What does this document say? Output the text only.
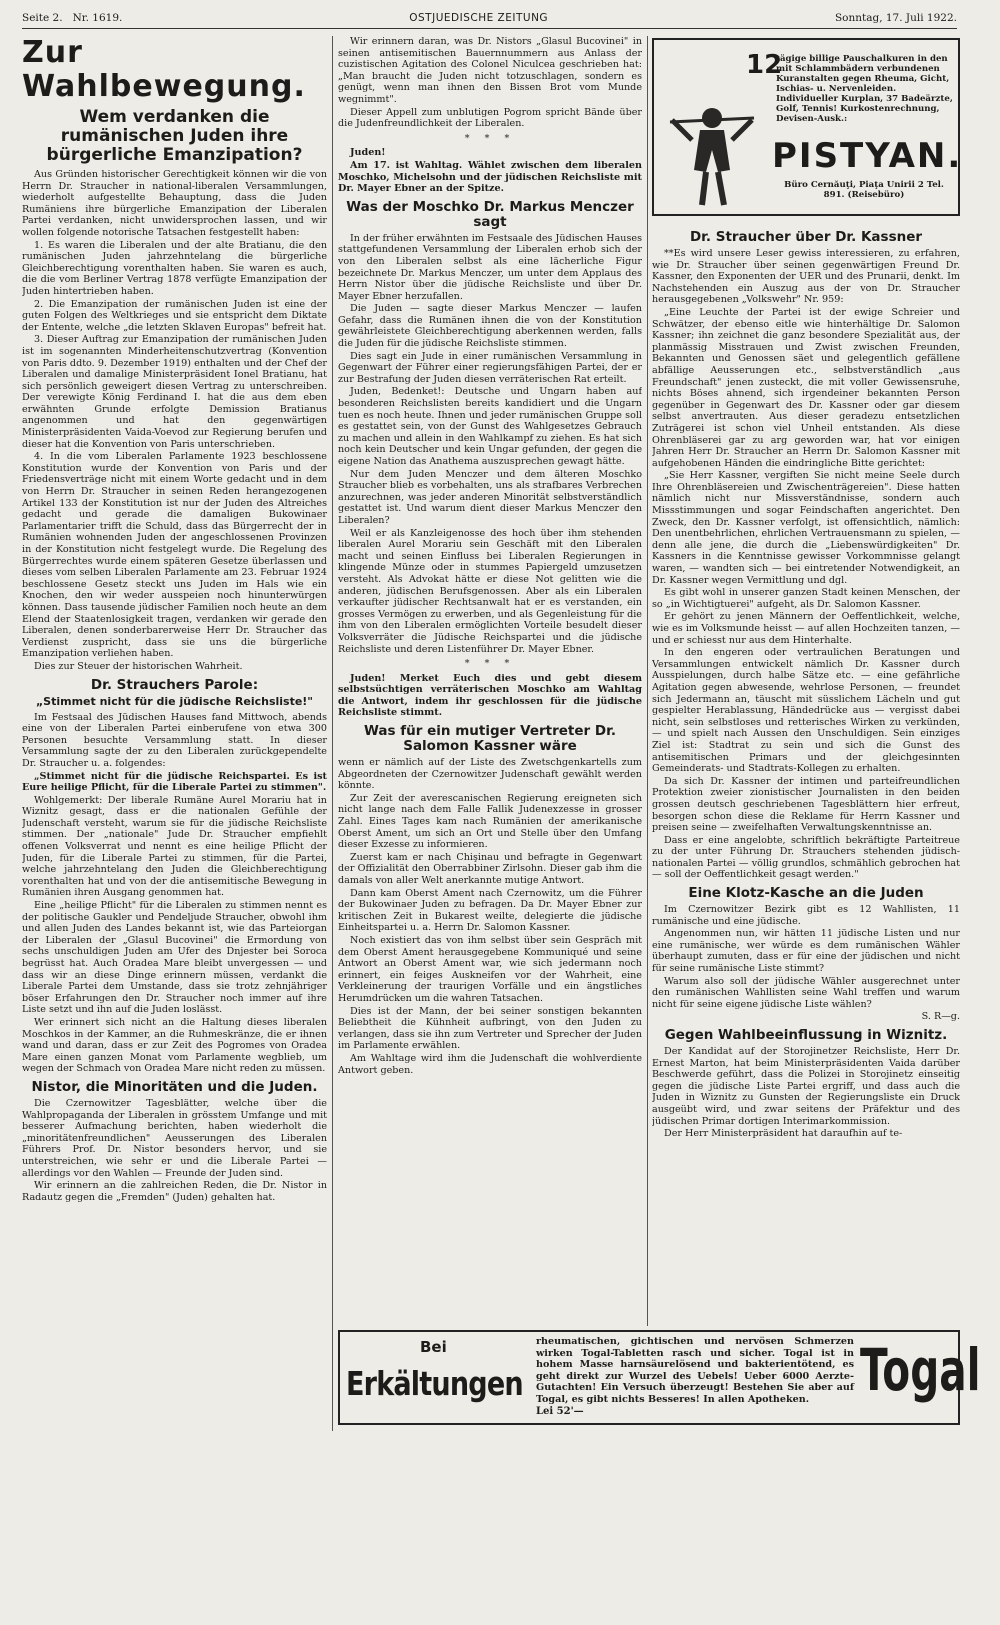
Seite 2. Nr. 1619.	OSTJUEDISCHE ZEITUNG	Sonntag, 17. Juli 1922.
Zur Wahlbewegung.
Wem verdanken die rumänischen Juden ihre bürgerliche Emanzipation?

Aus Gründen historischer Gerechtigkeit können wir die von Herrn Dr. Straucher in national-liberalen Versammlungen, wiederholt aufgestellte Behauptung, dass die Juden Rumäniens ihre bürgerliche Emanzipation der Liberalen Partei verdanken, nicht unwidersprochen lassen, und wir wollen folgende notorische Tatsachen festgestellt haben:

1. Es waren die Liberalen und der alte Bratianu, die den rumänischen Juden jahrzehntelang die bürgerliche Gleichberechtigung vorenthalten haben. Sie waren es auch, die die vom Berliner Vertrag 1878 verfügte Emanzipation der Juden hintertrieben haben.

2. Die Emanzipation der rumänischen Juden ist eine der guten Folgen des Weltkrieges und sie entspricht dem Diktate der Entente, welche „die letzten Sklaven Europas" befreit hat.

3. Dieser Auftrag zur Emanzipation der rumänischen Juden ist im sogenannten Minderheitenschutzvertrag (Konvention von Paris ddto. 9. Dezember 1919) enthalten und der Chef der Liberalen und damalige Ministerpräsident Ionel Bratianu, hat sich persönlich geweigert diesen Vertrag zu unterschreiben. Der verewigte König Ferdinand I. hat die aus dem eben erwähnten Grunde erfolgte Demission Bratianus angenommen und hat den gegenwärtigen Ministerpräsidenten Vaida-Voevod zur Regierung berufen und dieser hat die Konvention von Paris unterschrieben.

4. In die vom Liberalen Parlamente 1923 beschlossene Konstitution wurde der Konvention von Paris und der Friedensverträge nicht mit einem Worte gedacht und in dem von Herrn Dr. Straucher in seinen Reden herangezogenen Artikel 133 der Konstitution ist nur der Juden des Altreiches gedacht und gerade die damaligen Bukowinaer Parlamentarier trifft die Schuld, dass das Bürgerrecht der in Rumänien wohnenden Juden der angeschlossenen Provinzen in der Konstitution nicht festgelegt wurde. Die Regelung des Bürgerrechtes wurde einem späteren Gesetze überlassen und dieses vom selben Liberalen Parlamente am 23. Februar 1924 beschlossene Gesetz steckt uns Juden im Hals wie ein Knochen, den wir weder ausspeien noch hinunterwürgen können. Dass tausende jüdischer Familien noch heute an dem Elend der Staatenlosigkeit tragen, verdanken wir gerade den Liberalen, denen sonderbarerweise Herr Dr. Straucher das Verdienst zuspricht, dass sie uns die bürgerliche Emanzipation verliehen haben.

Dies zur Steuer der historischen Wahrheit.

Dr. Strauchers Parole:
„Stimmet nicht für die jüdische Reichsliste!"

Im Festsaal des Jüdischen Hauses fand Mittwoch, abends eine von der Liberalen Partei einberufene von etwa 300 Personen besuchte Versammlung statt. In dieser Versammlung sagte der zu den Liberalen zurückgependelte Dr. Straucher u. a. folgendes:

„Stimmet nicht für die jüdische Reichspartei. Es ist Eure heilige Pflicht, für die Liberale Partei zu stimmen".

Wohlgemerkt: Der liberale Rumäne Aurel Morariu hat in Wiznitz gesagt, dass er die nationalen Gefühle der Judenschaft versteht, warum sie für die jüdische Reichsliste stimmen. Der „nationale" Jude Dr. Straucher empfiehlt offenen Volksverrat und nennt es eine heilige Pflicht der Juden, für die Liberale Partei zu stimmen, für die Partei, welche jahrzehntelang den Juden die Gleichberechtigung vorenthalten hat und von der die antisemitische Bewegung in Rumänien ihren Ausgang genommen hat.

Eine „heilige Pflicht" für die Liberalen zu stimmen nennt es der politische Gaukler und Pendeljude Straucher, obwohl ihm und allen Juden des Landes bekannt ist, wie das Parteiorgan der Liberalen der „Glasul Bucovinei" die Ermordung von sechs unschuldigen Juden am Ufer des Dnjester bei Soroca begrüsst hat. Auch Oradea Mare bleibt unvergessen — und dass wir an diese Dinge erinnern müssen, verdankt die Liberale Partei dem Umstande, dass sie trotz zehnjähriger böser Erfahrungen den Dr. Straucher noch immer auf ihre Liste setzt und ihn auf die Juden loslässt.

Wer erinnert sich nicht an die Haltung dieses liberalen Moschkos in der Kammer, an die Ruhmeskränze, die er ihnen wand und daran, dass er zur Zeit des Pogromes von Oradea Mare einen ganzen Monat vom Parlamente wegblieb, um wegen der Schmach von Oradea Mare nicht reden zu müssen.

Nistor, die Minoritäten und die Juden.

Die Czernowitzer Tagesblätter, welche über die Wahlpropaganda der Liberalen in grösstem Umfange und mit besserer Aufmachung berichten, haben wiederholt die „minoritätenfreundlichen" Aeusserungen des Liberalen Führers Prof. Dr. Nistor besonders hervor, und sie unterstreichen, wie sehr er und die Liberale Partei — allerdings vor den Wahlen — Freunde der Juden sind.

Wir erinnern an die zahlreichen Reden, die Dr. Nistor in Radautz gegen die „Fremden" (Juden) gehalten hat.

Wir erinnern daran, was Dr. Nistors „Glasul Bucovinei" in seinen antisemitischen Bauernnummern aus Anlass der cuzistischen Agitation des Colonel Niculcea geschrieben hat: „Man braucht die Juden nicht totzuschlagen, sondern es genügt, wenn man ihnen den Bissen Brot vom Munde wegnimmt".

Dieser Appell zum unblutigen Pogrom spricht Bände über die Judenfreundlichkeit der Liberalen.

* * *

Juden!

Am 17. ist Wahltag. Wählet zwischen dem liberalen Moschko, Michelsohn und der jüdischen Reichsliste mit Dr. Mayer Ebner an der Spitze.

Was der Moschko Dr. Markus Menczer sagt

In der früher erwähnten im Festsaale des Jüdischen Hauses stattgefundenen Versammlung der Liberalen erhob sich der von den Liberalen selbst als eine lächerliche Figur bezeichnete Dr. Markus Menczer, um unter dem Applaus des Herrn Nistor über die jüdische Reichsliste und über Dr. Mayer Ebner herzufallen.

Die Juden — sagte dieser Markus Menczer — laufen Gefahr, dass die Rumänen ihnen die von der Konstitution gewährleistete Gleichberechtigung aberkennen werden, falls die Juden für die jüdische Reichsliste stimmen.

Dies sagt ein Jude in einer rumänischen Versammlung in Gegenwart der Führer einer regierungsfähigen Partei, der er zur Bestrafung der Juden diesen verräterischen Rat erteilt.

Juden, Bedenket!: Deutsche und Ungarn haben auf besonderen Reichslisten bereits kandidiert und die Ungarn tuen es noch heute. Ihnen und jeder rumänischen Gruppe soll es gestattet sein, von der Gunst des Wahlgesetzes Gebrauch zu machen und allein in den Wahlkampf zu ziehen. Es hat sich noch kein Deutscher und kein Ungar gefunden, der gegen die eigene Nation das Anathema auszusprechen gewagt hätte.

Nur dem Juden Menczer und dem älteren Moschko Straucher blieb es vorbehalten, uns als strafbares Verbrechen anzurechnen, was jeder anderen Minorität selbstverständlich gestattet ist. Und warum dient dieser Markus Menczer den Liberalen?

Weil er als Kanzleigenosse des hoch über ihm stehenden liberalen Aurel Morariu sein Geschäft mit den Liberalen macht und seinen Einfluss bei Liberalen Regierungen in klingende Münze oder in stummes Papiergeld umzusetzen versteht. Als Advokat hätte er diese Not gelitten wie die anderen, jüdischen Berufsgenossen. Aber als ein Liberalen verkaufter jüdischer Rechtsanwalt hat er es verstanden, ein grosses Vermögen zu erwerben, und als Gegenleistung für die ihm von den Liberalen ermöglichten Vorteile besudelt dieser Volksverräter die Jüdische Reichspartei und die jüdische Reichsliste und deren Listenführer Dr. Mayer Ebner.

* * *

Juden! Merket Euch dies und gebt diesem selbstsüchtigen verräterischen Moschko am Wahltag die Antwort, indem ihr geschlossen für die jüdische Reichsliste stimmt.

Was für ein mutiger Vertreter Dr. Salomon Kassner wäre

wenn er nämlich auf der Liste des Zwetschgenkartells zum Abgeordneten der Czernowitzer Judenschaft gewählt werden könnte.

Zur Zeit der averescanischen Regierung ereigneten sich nicht lange nach dem Falle Fallik Judenexzesse in grosser Zahl. Eines Tages kam nach Rumänien der amerikanische Oberst Ament, um sich an Ort und Stelle über den Umfang dieser Exzesse zu informieren.

Zuerst kam er nach Chişinau und befragte in Gegenwart der Offizialität den Oberrabbiner Zirlsohn. Dieser gab ihm die damals von aller Welt anerkannte mutige Antwort.

Dann kam Oberst Ament nach Czernowitz, um die Führer der Bukowinaer Juden zu befragen. Da Dr. Mayer Ebner zur kritischen Zeit in Bukarest weilte, delegierte die jüdische Einheitspartei u. a. Herrn Dr. Salomon Kassner.

Noch existiert das von ihm selbst über sein Gespräch mit dem Oberst Ament herausgegebene Kommuniqué und seine Antwort an Oberst Ament war, wie sich jedermann noch erinnert, ein feiges Auskneifen vor der Wahrheit, eine Verkleinerung der traurigen Vorfälle und ein ängstliches Herumdrücken um die wahren Tatsachen.

Dies ist der Mann, der bei seiner sonstigen bekannten Beliebtheit die Kühnheit aufbringt, von den Juden zu verlangen, dass sie ihn zum Vertreter und Sprecher der Juden im Parlamente erwählen.

Am Wahltage wird ihm die Judenschaft die wohlverdiente Antwort geben.

12
tägige billige Pauschalkuren in den mit Schlammbädern verbundenen Kuranstalten gegen Rheuma, Gicht, Ischias- u. Nervenleiden. Individueller Kurplan, 37 Badeärzte, Golf, Tennis! Kurkostenrechnung, Devisen-Ausk.:
PISTYAN.
Büro Cernăuţi, Piaţa Unirii 2 Tel. 891. (Reisebüro)
Dr. Straucher über Dr. Kassner

**Es wird unsere Leser gewiss interessieren, zu erfahren, wie Dr. Straucher über seinen gegenwärtigen Freund Dr. Kassner, den Exponenten der UER und des Prunarii, denkt. Im Nachstehenden ein Auszug aus der von Dr. Straucher herausgegebenen „Volkswehr" Nr. 959:

„Eine Leuchte der Partei ist der ewige Schreier und Schwätzer, der ebenso eitle wie hinterhältige Dr. Salomon Kassner; ihn zeichnet die ganz besondere Spezialität aus, der planmässig Misstrauen und Zwist zwischen Freunden, Bekannten und Genossen säet und gelegentlich gefällene abfällige Aeusserungen etc., selbstverständlich „aus Freundschaft" jenen zusteckt, die mit voller Gewissensruhe, nichts Böses ahnend, sich irgendeiner bekannten Person gegenüber in Gegenwart des Dr. Kassner oder gar diesem selbst anvertrauten. Aus dieser geradezu entsetzlichen Zuträgerei ist schon viel Unheil entstanden. Als diese Ohrenbläserei gar zu arg geworden war, hat vor einigen Jahren Herr Dr. Straucher an Herrn Dr. Salomon Kassner mit aufgehobenen Händen die eindringliche Bitte gerichtet:

„Sie Herr Kassner, vergiften Sie nicht meine Seele durch Ihre Ohrenbläsereien und Zwischenträgereien". Diese hatten nämlich nicht nur Missverständnisse, sondern auch Missstimmungen und sogar Feindschaften angerichtet. Den Zweck, den Dr. Kassner verfolgt, ist offensichtlich, nämlich: Den unentbehrlichen, ehrlichen Vertrauensmann zu spielen, — denn alle jene, die durch die „Liebenswürdigkeiten" Dr. Kassners in die Kenntnisse gewisser Vorkommnisse gelangt waren, — wandten sich — bei eintretender Notwendigkeit, an Dr. Kassner wegen Vermittlung und dgl.

Es gibt wohl in unserer ganzen Stadt keinen Menschen, der so „in Wichtigtuerei" aufgeht, als Dr. Salomon Kassner.

Er gehört zu jenen Männern der Oeffentlichkeit, welche, wie es im Volksmunde heisst — auf allen Hochzeiten tanzen, — und er schiesst nur aus dem Hinterhalte.

In den engeren oder vertraulichen Beratungen und Versammlungen entwickelt nämlich Dr. Kassner durch Ausspielungen, durch halbe Sätze etc. — eine gefährliche Agitation gegen abwesende, wehrlose Personen, — freundet sich Jedermann an, täuscht mit süsslichem Lächeln und gut gespielter Herablassung, Händedrücke aus — vergisst dabei nicht, sein selbstloses und retterisches Wirken zu verkünden, — und spielt nach Aussen den Unschuldigen. Sein einziges Ziel ist: Stadtrat zu sein und sich die Gunst des antisemitischen Primars und der gleichgesinnten Gemeinderats- und Stadtrats-Kollegen zu erhalten.

Da sich Dr. Kassner der intimen und parteifreundlichen Protektion zweier zionistischer Journalisten in den beiden grossen deutsch geschriebenen Tagesblättern hier erfreut, besorgen schon diese die Reklame für Herrn Kassner und preisen seine — zweifelhaften Verwaltungskenntnisse an.

Dass er eine angelobte, schriftlich bekräftigte Parteitreue zu der unter Führung Dr. Strauchers stehenden jüdisch-nationalen Partei — völlig grundlos, schmählich gebrochen hat — soll der Oeffentlichkeit gesagt werden."

Eine Klotz-Kasche an die Juden

Im Czernowitzer Bezirk gibt es 12 Wahllisten, 11 rumänische und eine jüdische.

Angenommen nun, wir hätten 11 jüdische Listen und nur eine rumänische, wer würde es dem rumänischen Wähler überhaupt zumuten, dass er für eine der jüdischen und nicht für seine rumänische Liste stimmt?

Warum also soll der jüdische Wähler ausgerechnet unter den rumänischen Wahllisten seine Wahl treffen und warum nicht für seine eigene jüdische Liste wählen?

S. R—g.
Gegen Wahlbeeinflussung in Wiznitz.

Der Kandidat auf der Storojinetzer Reichsliste, Herr Dr. Ernest Marton, hat beim Ministerpräsidenten Vaida darüber Beschwerde geführt, dass die Polizei in Storojinetz einseitig gegen die jüdische Liste Partei ergriff, und dass auch die Juden in Wiznitz zu Gunsten der Regierungsliste ein Druck ausgeübt wird, und zwar seitens der Präfektur und des jüdischen Primar dortigen Interimarkommission.

Der Herr Ministerpräsident hat daraufhin auf te-

Bei
Erkältungen
rheumatischen, gichtischen und nervösen Schmerzen wirken Togal-Tabletten rasch und sicher. Togal ist in hohem Masse harnsäurelösend und bakterientötend, es geht direkt zur Wurzel des Uebels! Ueber 6000 Aerzte-Gutachten! Ein Versuch überzeugt! Bestehen Sie aber auf Togal, es gibt nichts Besseres! In allen Apotheken.
Lei 52'—
Togal
